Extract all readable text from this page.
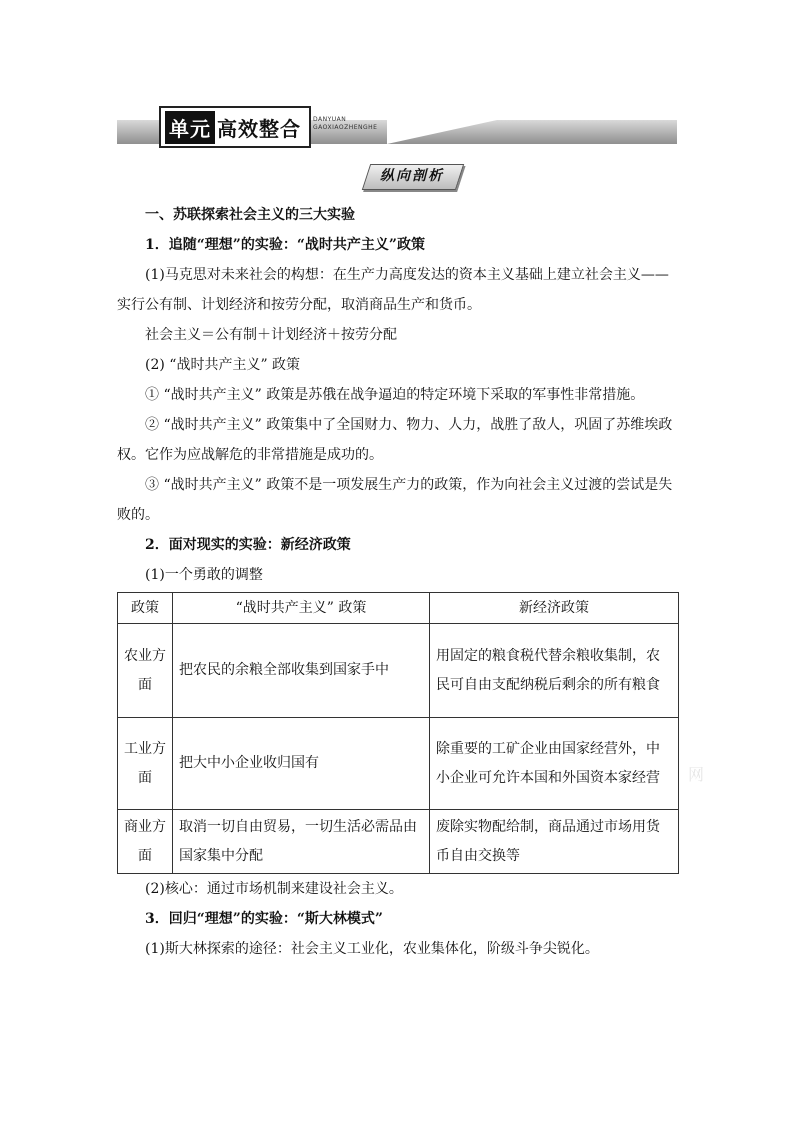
单元 高效整合 DANYUAN
GAOXIAOZHENGHE
纵向剖析

一、苏联探索社会主义的三大实验

1．追随“理想”的实验：“战时共产主义”政策

(1)马克思对未来社会的构想：在生产力高度发达的资本主义基础上建立社会主义——实行公有制、计划经济和按劳分配，取消商品生产和货币。

社会主义＝公有制＋计划经济＋按劳分配

(2) “战时共产主义” 政策

① “战时共产主义” 政策是苏俄在战争逼迫的特定环境下采取的军事性非常措施。

② “战时共产主义” 政策集中了全国财力、物力、人力，战胜了敌人，巩固了苏维埃政权。它作为应战解危的非常措施是成功的。

③ “战时共产主义” 政策不是一项发展生产力的政策，作为向社会主义过渡的尝试是失败的。

2．面对现实的实验：新经济政策

(1)一个勇敢的调整

政策	“战时共产主义” 政策	新经济政策
农业方面	把农民的余粮全部收集到国家手中	用固定的粮食税代替余粮收集制，农民可自由支配纳税后剩余的所有粮食
工业方面	把大中小企业收归国有	除重要的工矿企业由国家经营外，中小企业可允许本国和外国资本家经营
商业方面	取消一切自由贸易，一切生活必需品由国家集中分配	废除实物配给制，商品通过市场用货币自由交换等

(2)核心：通过市场机制来建设社会主义。

3．回归“理想”的实验：“斯大林模式”

(1)斯大林探索的途径：社会主义工业化，农业集体化，阶级斗争尖锐化。

网
